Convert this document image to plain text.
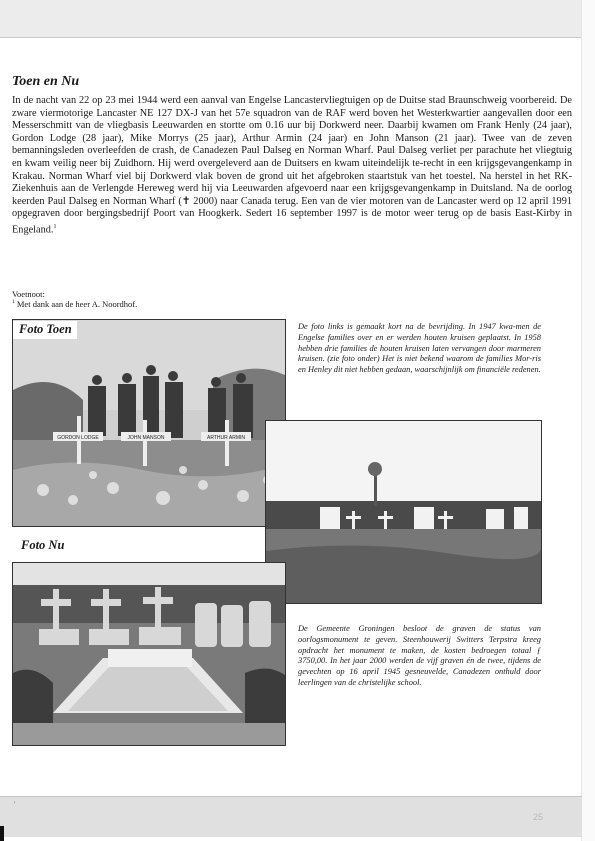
Toen en Nu

In de nacht van 22 op 23 mei 1944 werd een aanval van Engelse Lancastervliegtuigen op de Duitse stad Braunschweig voorbereid. De zware viermotorige Lancaster NE 127 DX-J van het 57e squadron van de RAF werd boven het Westerkwartier aangevallen door een Messerschmitt van de vliegbasis Leeuwarden en stortte om 0.16 uur bij Dorkwerd neer. Daarbij kwamen om Frank Henly (24 jaar), Gordon Lodge (28 jaar), Mike Morrys (25 jaar), Arthur Armin (24 jaar) en John Manson (21 jaar). Twee van de zeven bemanningsleden overleefden de crash, de Canadezen Paul Dalseg en Norman Wharf. Paul Dalseg verliet per parachute het vliegtuig en kwam veilig neer bij Zuidhorn. Hij werd overgeleverd aan de Duitsers en kwam uiteindelijk te-recht in een krijgsgevangenkamp in Krakau. Norman Wharf viel bij Dorkwerd vlak boven de grond uit het afgebroken staartstuk van het toestel. Na herstel in het RK-Ziekenhuis aan de Verlengde Hereweg werd hij via Leeuwarden afgevoerd naar een krijgsgevangenkamp in Duitsland. Na de oorlog keerden Paul Dalseg en Norman Wharf (✝ 2000) naar Canada terug. Een van de vier motoren van de Lancaster werd op 12 april 1991 opgegraven door bergingsbedrijf Poort van Hoogkerk. Sedert 16 september 1997 is de motor weer terug op de basis East-Kirby in Engeland.$^1$

Voetnoot:
$^1$ Met dank aan de heer A. Noordhof.
GORDON LODGE	JOHN MANSON	ARTHUR ARMIN
Foto Toen
Foto Nu

De foto links is gemaakt kort na de bevrijding. In 1947 kwa-men de Engelse families over en er werden houten kruisen geplaatst. In 1958 hebben drie families de houten kruisen laten vervangen door marmeren kruisen. (zie foto onder) Het is niet bekend waarom de families Mor-ris en Henley dit niet hebben gedaan, waarschijnlijk om financiële redenen.

De Gemeente Groningen besloot de graven de status van oorlogsmonument te geven. Steenhouwerij Switters Terpstra kreeg opdracht het monument te maken, de kosten bedroegen totaal ƒ 3750,00. In het jaar 2000 werden de vijf graven én de twee, tijdens de gevechten op 16 april 1945 gesneuvelde, Canadezen onthuld door leerlingen van de christelijke school.

'
25
